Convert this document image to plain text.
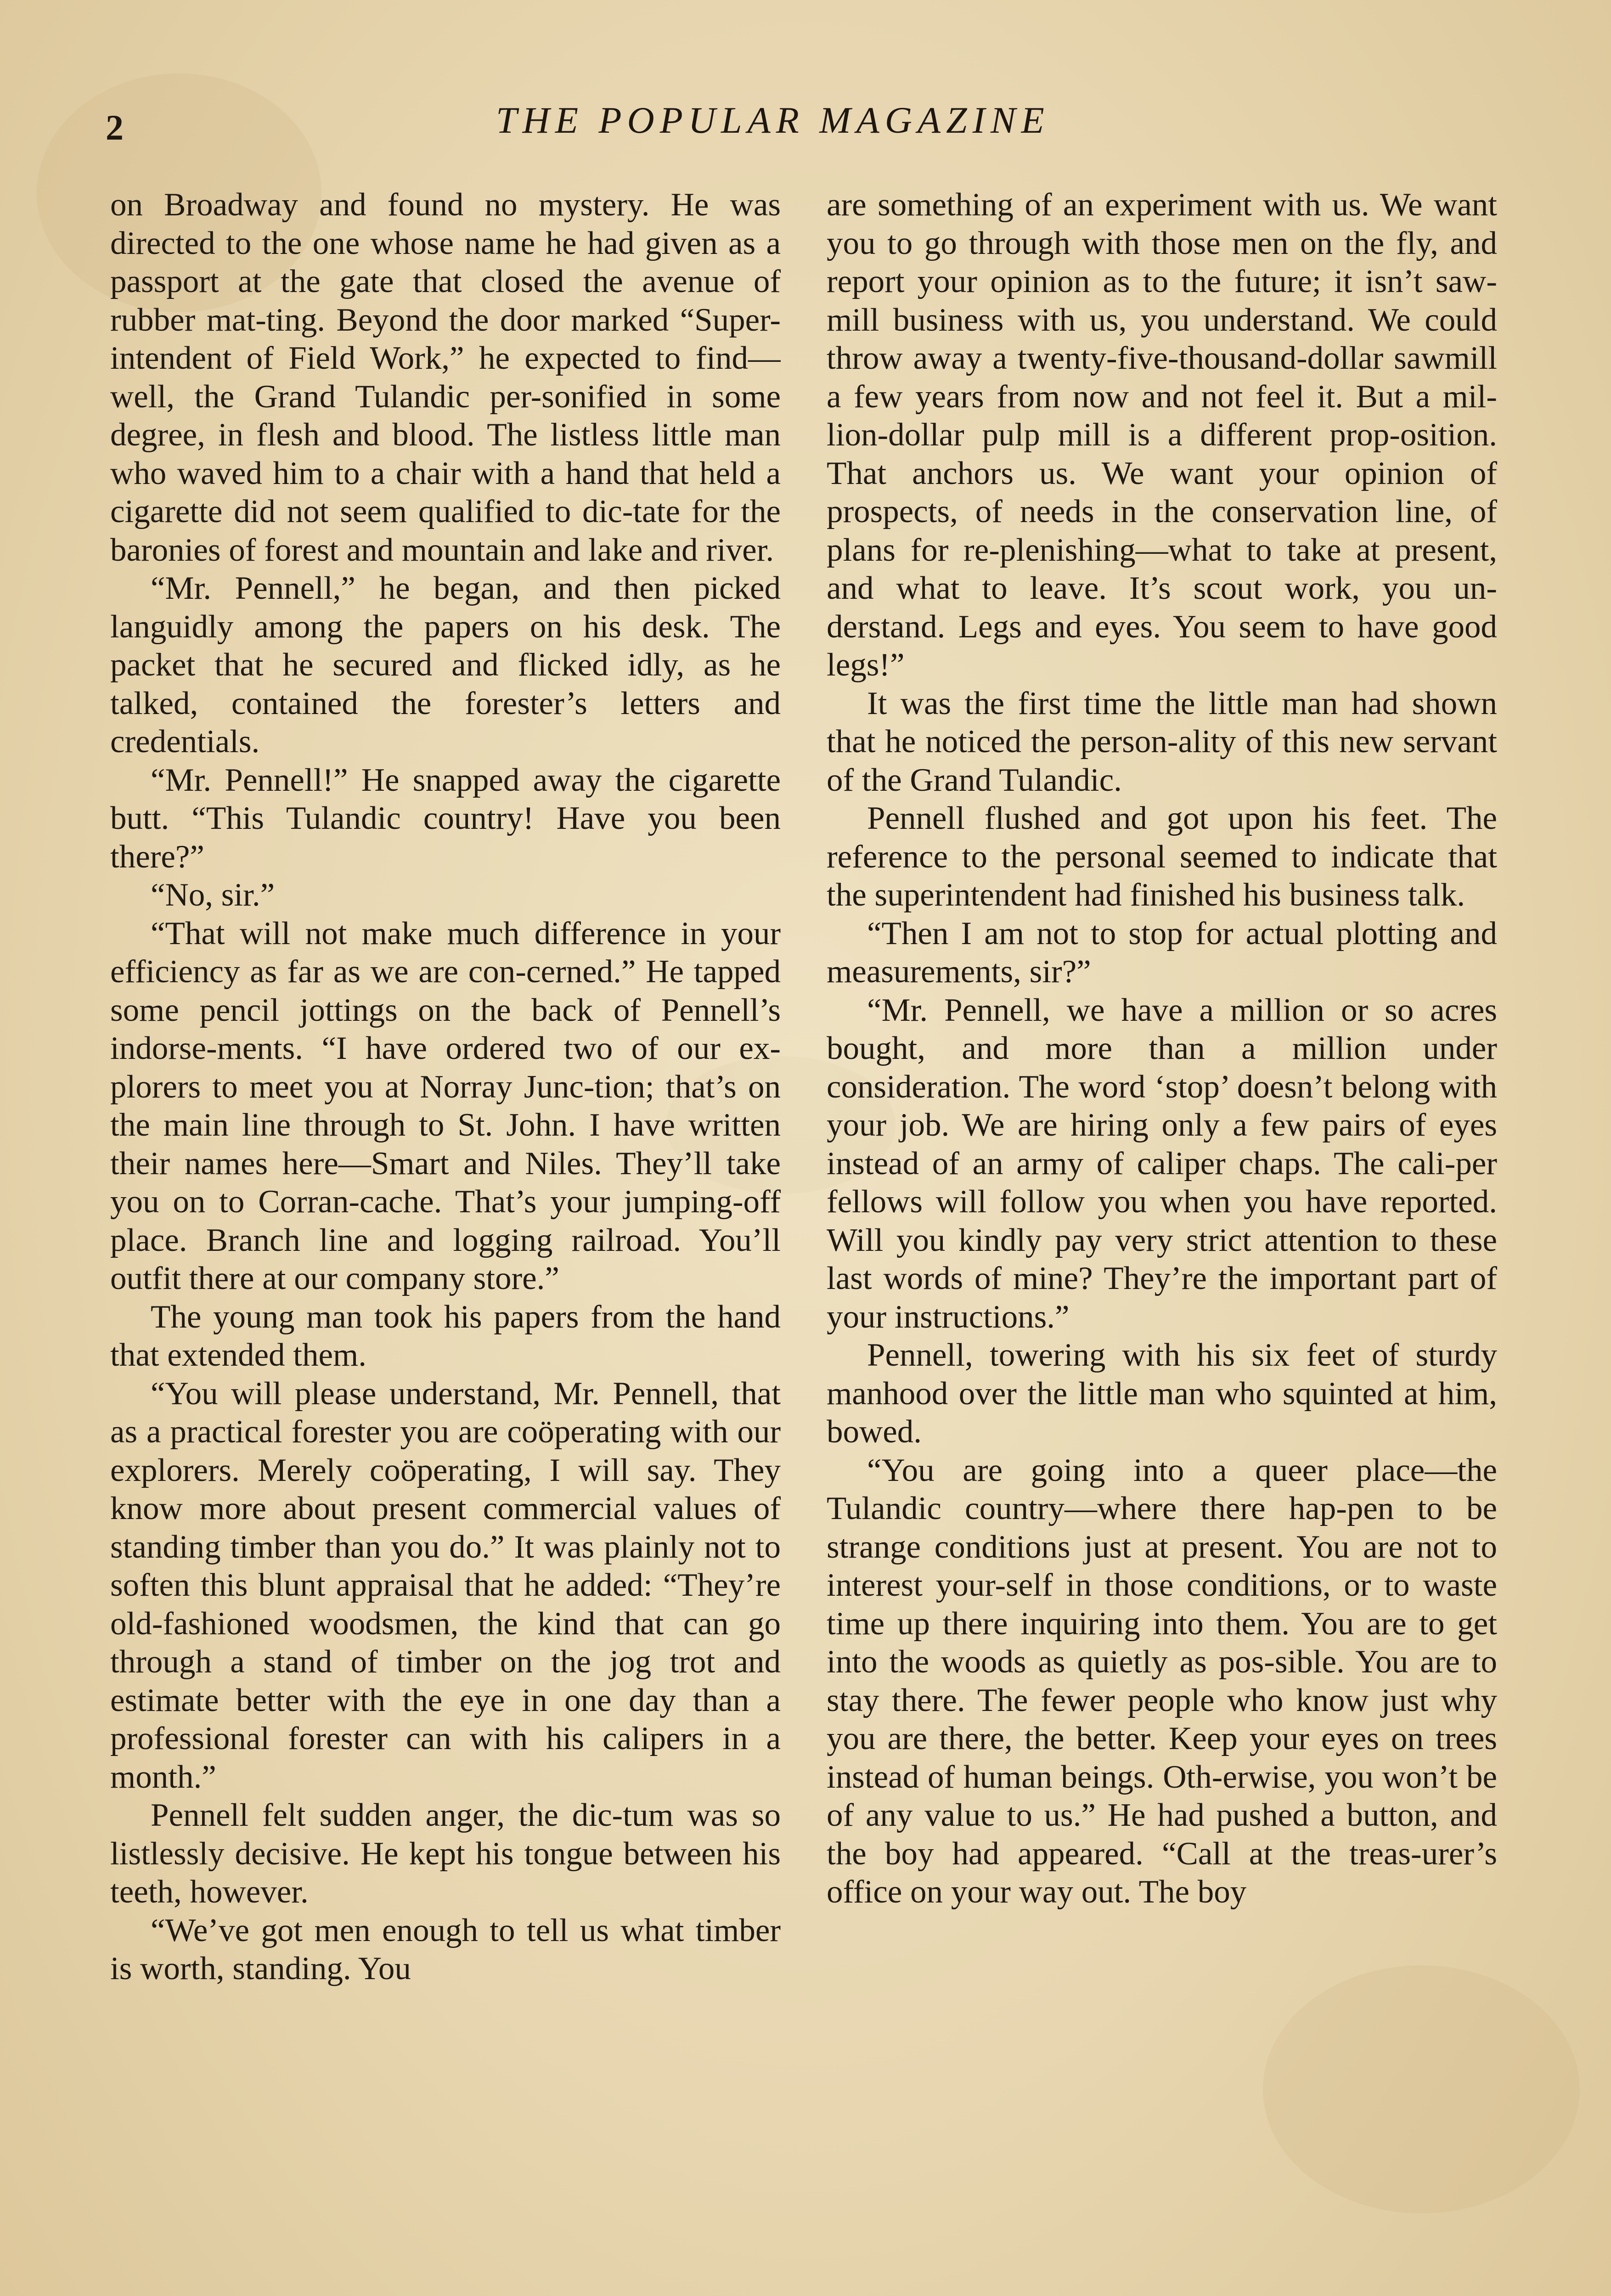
2	THE POPULAR MAGAZINE

on Broadway and found no mystery. He was directed to the one whose name he had given as a passport at the gate that closed the avenue of rubber mat-ting. Beyond the door marked “Super-intendent of Field Work,” he expected to find—well, the Grand Tulandic per-sonified in some degree, in flesh and blood. The listless little man who waved him to a chair with a hand that held a cigarette did not seem qualified to dic-tate for the baronies of forest and mountain and lake and river.

“Mr. Pennell,” he began, and then picked languidly among the papers on his desk. The packet that he secured and flicked idly, as he talked, contained the forester’s letters and credentials.

“Mr. Pennell!” He snapped away the cigarette butt. “This Tulandic country! Have you been there?”

“No, sir.”

“That will not make much difference in your efficiency as far as we are con-cerned.” He tapped some pencil jottings on the back of Pennell’s indorse-ments. “I have ordered two of our ex-plorers to meet you at Norray Junc-tion; that’s on the main line through to St. John. I have written their names here—Smart and Niles. They’ll take you on to Corran-cache. That’s your jumping-off place. Branch line and logging railroad. You’ll outfit there at our company store.”

The young man took his papers from the hand that extended them.

“You will please understand, Mr. Pennell, that as a practical forester you are coöperating with our explorers. Merely coöperating, I will say. They know more about present commercial values of standing timber than you do.” It was plainly not to soften this blunt appraisal that he added: “They’re old-fashioned woodsmen, the kind that can go through a stand of timber on the jog trot and estimate better with the eye in one day than a professional forester can with his calipers in a month.”

Pennell felt sudden anger, the dic-tum was so listlessly decisive. He kept his tongue between his teeth, however.

“We’ve got men enough to tell us what timber is worth, standing. You

are something of an experiment with us. We want you to go through with those men on the fly, and report your opinion as to the future; it isn’t saw-mill business with us, you understand. We could throw away a twenty-five-thousand-dollar sawmill a few years from now and not feel it. But a mil-lion-dollar pulp mill is a different prop-osition. That anchors us. We want your opinion of prospects, of needs in the conservation line, of plans for re-plenishing—what to take at present, and what to leave. It’s scout work, you un-derstand. Legs and eyes. You seem to have good legs!”

It was the first time the little man had shown that he noticed the person-ality of this new servant of the Grand Tulandic.

Pennell flushed and got upon his feet. The reference to the personal seemed to indicate that the superintendent had finished his business talk.

“Then I am not to stop for actual plotting and measurements, sir?”

“Mr. Pennell, we have a million or so acres bought, and more than a million under consideration. The word ‘stop’ doesn’t belong with your job. We are hiring only a few pairs of eyes instead of an army of caliper chaps. The cali-per fellows will follow you when you have reported. Will you kindly pay very strict attention to these last words of mine? They’re the important part of your instructions.”

Pennell, towering with his six feet of sturdy manhood over the little man who squinted at him, bowed.

“You are going into a queer place—the Tulandic country—where there hap-pen to be strange conditions just at present. You are not to interest your-self in those conditions, or to waste time up there inquiring into them. You are to get into the woods as quietly as pos-sible. You are to stay there. The fewer people who know just why you are there, the better. Keep your eyes on trees instead of human beings. Oth-erwise, you won’t be of any value to us.” He had pushed a button, and the boy had appeared. “Call at the treas-urer’s office on your way out. The boy
